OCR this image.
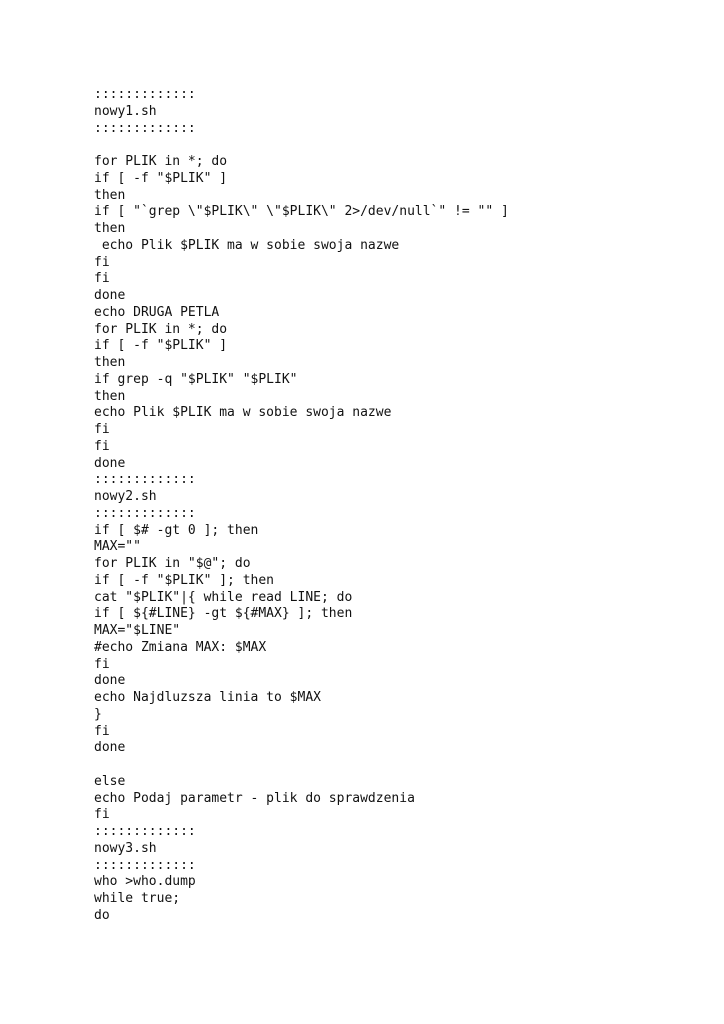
:::::::::::::
nowy1.sh
:::::::::::::
for PLIK in *; do
if [ -f "$PLIK" ]
then
if [ "`grep \"$PLIK\" \"$PLIK\" 2>/dev/null`" != "" ]
then
echo Plik $PLIK ma w sobie swoja nazwe
fi
fi
done
echo DRUGA PETLA
for PLIK in *; do
if [ -f "$PLIK" ]
then
if grep -q "$PLIK" "$PLIK"
then
echo Plik $PLIK ma w sobie swoja nazwe
fi
fi
done
:::::::::::::
nowy2.sh
:::::::::::::
if [ $# -gt 0 ]; then
MAX=""
for PLIK in "$@"; do
if [ -f "$PLIK" ]; then
cat "$PLIK"|{ while read LINE; do
if [ ${#LINE} -gt ${#MAX} ]; then
MAX="$LINE"
#echo Zmiana MAX: $MAX
fi
done
echo Najdluzsza linia to $MAX
}
fi
done
else
echo Podaj parametr - plik do sprawdzenia
fi
:::::::::::::
nowy3.sh
:::::::::::::
who >who.dump
while true;
do
